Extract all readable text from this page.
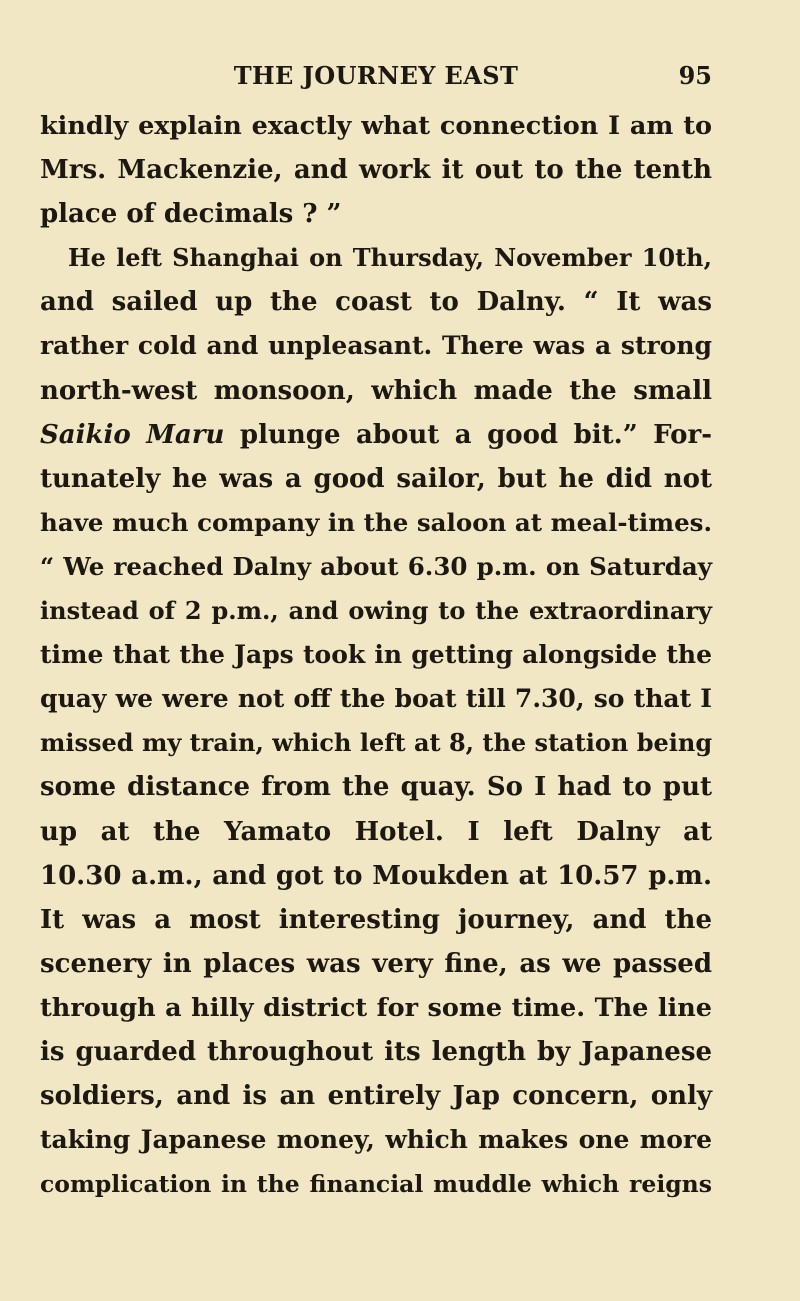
THE JOURNEY EAST	95
kindly explain exactly what connection I am to
Mrs. Mackenzie, and work it out to the tenth
place of decimals ? ”
He left Shanghai on Thursday, November 10th,
and sailed up the coast to Dalny. “ It was
rather cold and unpleasant. There was a strong
north-west monsoon, which made the small
Saikio Maru plunge about a good bit.” For-
tunately he was a good sailor, but he did not
have much company in the saloon at meal-times.
“ We reached Dalny about 6.30 p.m. on Saturday
instead of 2 p.m., and owing to the extraordinary
time that the Japs took in getting alongside the
quay we were not off the boat till 7.30, so that I
missed my train, which left at 8, the station being
some distance from the quay. So I had to put
up at the Yamato Hotel. I left Dalny at
10.30 a.m., and got to Moukden at 10.57 p.m.
It was a most interesting journey, and the
scenery in places was very fine, as we passed
through a hilly district for some time. The line
is guarded throughout its length by Japanese
soldiers, and is an entirely Jap concern, only
taking Japanese money, which makes one more
complication in the financial muddle which reigns
